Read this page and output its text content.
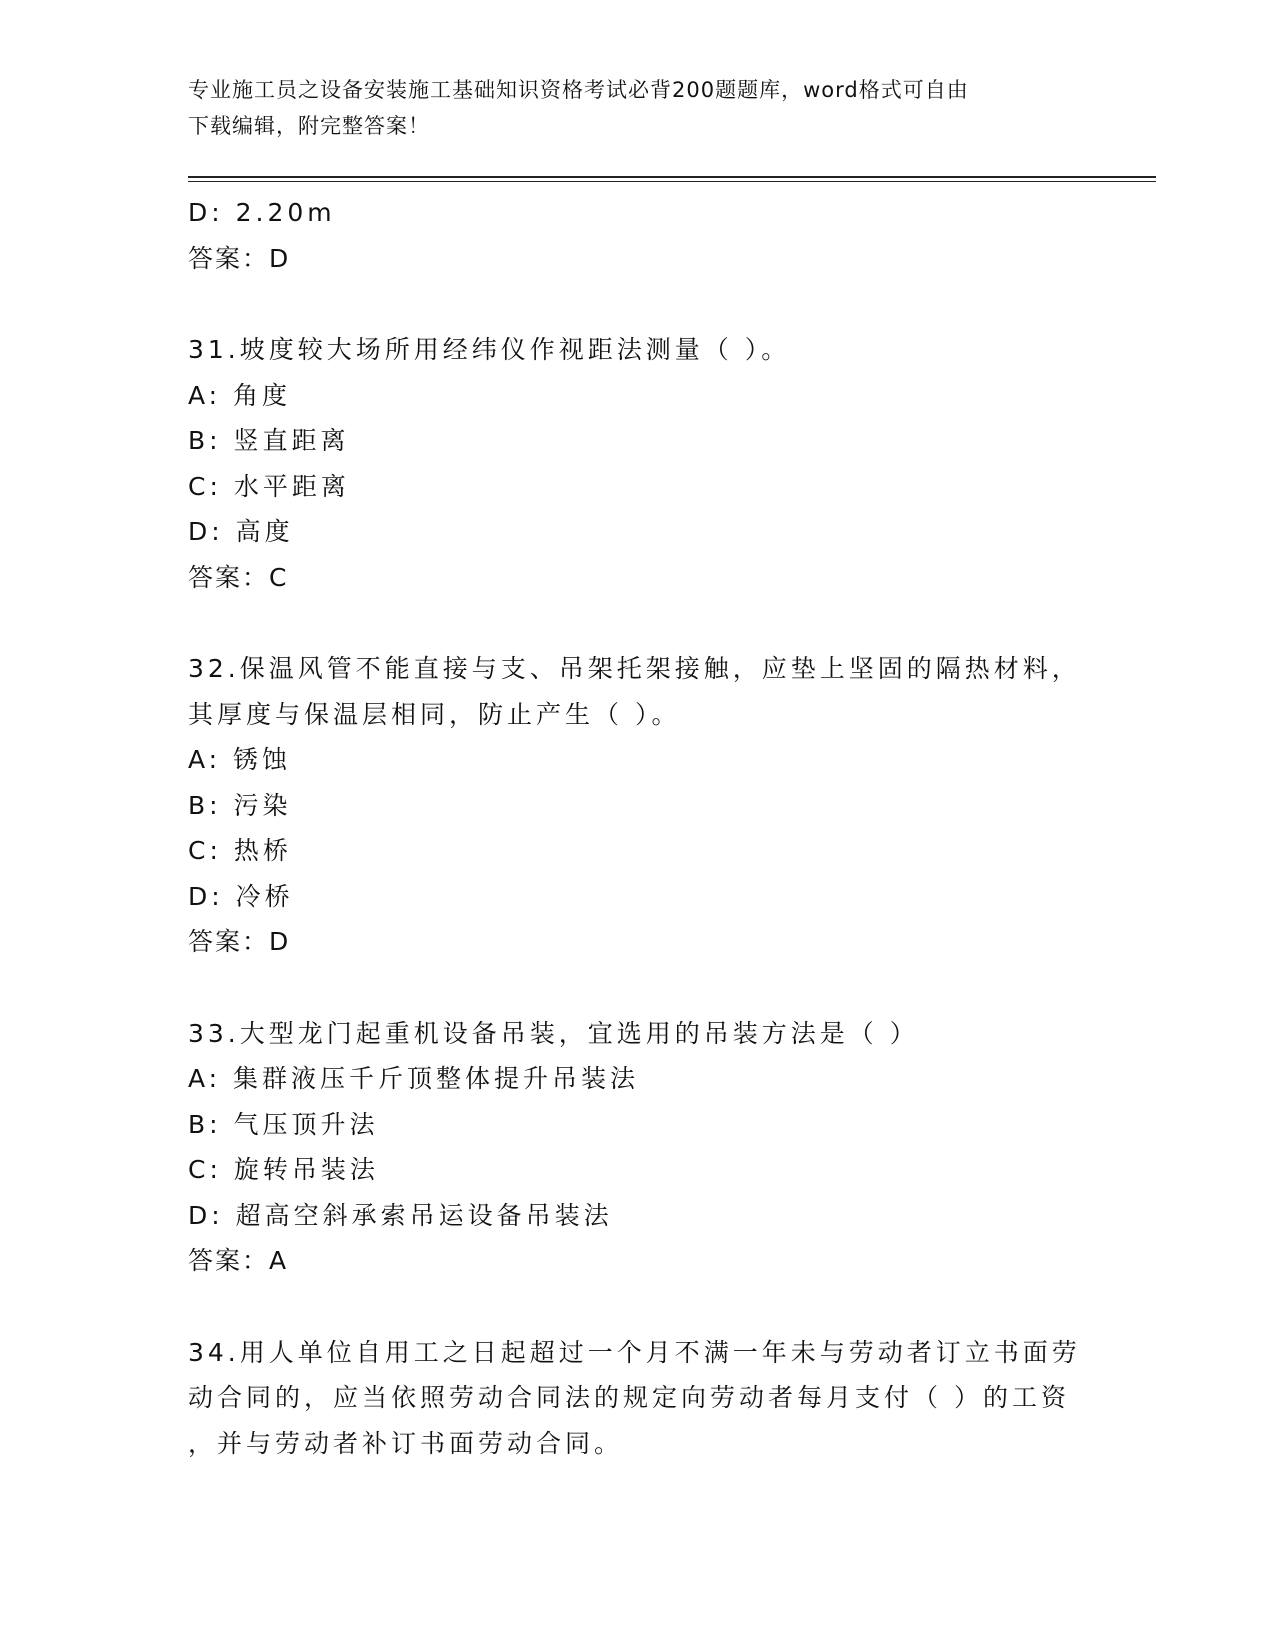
专业施工员之设备安装施工基础知识资格考试必背200题题库，word格式可自由
下载编辑，附完整答案！
D: 2.20m
答案：D
31.坡度较大场所用经纬仪作视距法测量（ ）。
A: 角度
B: 竖直距离
C: 水平距离
D: 高度
答案：C
32.保温风管不能直接与支、吊架托架接触，应垫上坚固的隔热材料，
其厚度与保温层相同，防止产生（ ）。
A: 锈蚀
B: 污染
C: 热桥
D: 冷桥
答案：D
33.大型龙门起重机设备吊装，宜选用的吊装方法是（ ）
A: 集群液压千斤顶整体提升吊装法
B: 气压顶升法
C: 旋转吊装法
D: 超高空斜承索吊运设备吊装法
答案：A
34.用人单位自用工之日起超过一个月不满一年未与劳动者订立书面劳
动合同的，应当依照劳动合同法的规定向劳动者每月支付（ ）的工资
，并与劳动者补订书面劳动合同。
